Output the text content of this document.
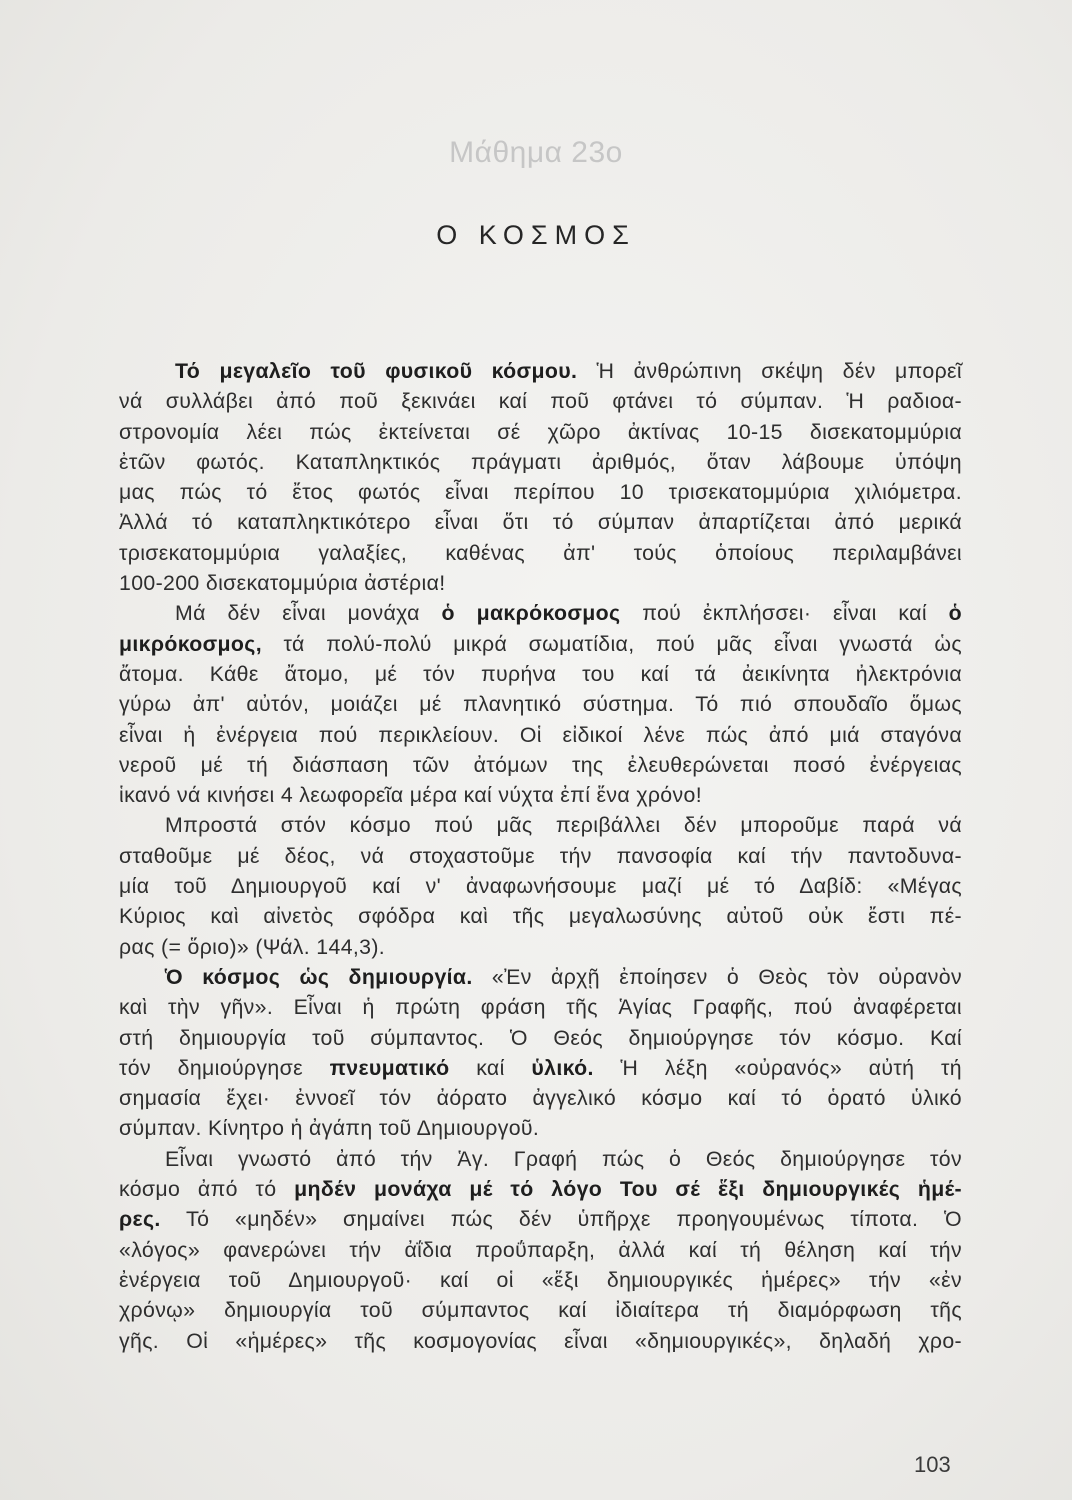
Μάθημα 23ο
Ο ΚΟΣΜΟΣ
Τό μεγαλεῖο τοῦ φυσικοῦ κόσμου. Ἡ ἀνθρώπινη σκέψη δέν μπορεῖ
νά συλλάβει ἀπό ποῦ ξεκινάει καί ποῦ φτάνει τό σύμπαν. Ἡ ραδιοα-
στρονομία λέει πώς ἐκτείνεται σέ χῶρο ἀκτίνας 10-15 δισεκατομμύρια
ἐτῶν φωτός. Καταπληκτικός πράγματι ἀριθμός, ὅταν λάβουμε ὑπόψη
μας πώς τό ἔτος φωτός εἶναι περίπου 10 τρισεκατομμύρια χιλιόμετρα.
Ἀλλά τό καταπληκτικότερο εἶναι ὅτι τό σύμπαν ἀπαρτίζεται ἀπό μερικά
τρισεκατομμύρια γαλαξίες, καθένας ἀπ' τούς ὁποίους περιλαμβάνει
100-200 δισεκατομμύρια ἀστέρια!
Μά δέν εἶναι μονάχα ὁ μακρόκοσμος πού ἐκπλήσσει· εἶναι καί ὁ
μικρόκοσμος, τά πολύ-πολύ μικρά σωματίδια, πού μᾶς εἶναι γνωστά ὡς
ἄτομα. Κάθε ἄτομο, μέ τόν πυρήνα του καί τά ἀεικίνητα ἠλεκτρόνια
γύρω ἀπ' αὐτόν, μοιάζει μέ πλανητικό σύστημα. Τό πιό σπουδαῖο ὅμως
εἶναι ἡ ἐνέργεια πού περικλείουν. Οἱ εἰδικοί λένε πώς ἀπό μιά σταγόνα
νεροῦ μέ τή διάσπαση τῶν ἀτόμων της ἐλευθερώνεται ποσό ἐνέργειας
ἱκανό νά κινήσει 4 λεωφορεῖα μέρα καί νύχτα ἐπί ἕνα χρόνο!
Μπροστά στόν κόσμο πού μᾶς περιβάλλει δέν μποροῦμε παρά νά
σταθοῦμε μέ δέος, νά στοχαστοῦμε τήν πανσοφία καί τήν παντοδυνα-
μία τοῦ Δημιουργοῦ καί ν' ἀναφωνήσουμε μαζί μέ τό Δαβίδ: «Μέγας
Κύριος καὶ αἰνετὸς σφόδρα καὶ τῆς μεγαλωσύνης αὐτοῦ οὐκ ἔστι πέ-
ρας (= ὅριο)» (Ψάλ. 144,3).
Ὁ κόσμος ὡς δημιουργία. «Ἐν ἀρχῇ ἐποίησεν ὁ Θεὸς τὸν οὐρανὸν
καὶ τὴν γῆν». Εἶναι ἡ πρώτη φράση τῆς Ἁγίας Γραφῆς, πού ἀναφέρεται
στή δημιουργία τοῦ σύμπαντος. Ὁ Θεός δημιούργησε τόν κόσμο. Καί
τόν δημιούργησε πνευματικό καί ὑλικό. Ἡ λέξη «οὐρανός» αὐτή τή
σημασία ἔχει· ἐννοεῖ τόν ἀόρατο ἀγγελικό κόσμο καί τό ὁρατό ὑλικό
σύμπαν. Κίνητρο ἡ ἀγάπη τοῦ Δημιουργοῦ.
Εἶναι γνωστό ἀπό τήν Ἁγ. Γραφή πώς ὁ Θεός δημιούργησε τόν
κόσμο ἀπό τό μηδέν μονάχα μέ τό λόγο Του σέ ἕξι δημιουργικές ἡμέ-
ρες. Τό «μηδέν» σημαίνει πώς δέν ὑπῆρχε προηγουμένως τίποτα. Ὁ
«λόγος» φανερώνει τήν ἀΐδια προΰπαρξη, ἀλλά καί τή θέληση καί τήν
ἐνέργεια τοῦ Δημιουργοῦ· καί οἱ «ἕξι δημιουργικές ἡμέρες» τήν «ἐν
χρόνῳ» δημιουργία τοῦ σύμπαντος καί ἰδιαίτερα τή διαμόρφωση τῆς
γῆς. Οἱ «ἡμέρες» τῆς κοσμογονίας εἶναι «δημιουργικές», δηλαδή χρο-
103
